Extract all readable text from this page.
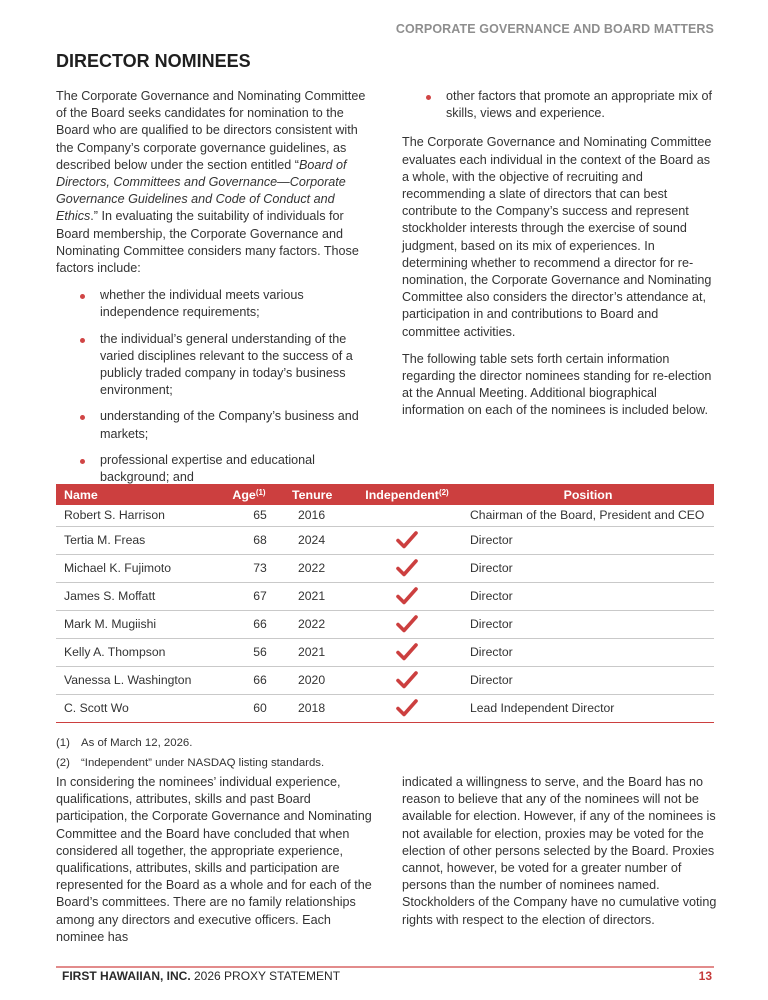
CORPORATE GOVERNANCE AND BOARD MATTERS
DIRECTOR NOMINEES

The Corporate Governance and Nominating Committee of the Board seeks candidates for nomination to the Board who are qualified to be directors consistent with the Company’s corporate governance guidelines, as described below under the section entitled “Board of Directors, Committees and Governance—Corporate Governance Guidelines and Code of Conduct and Ethics.” In evaluating the suitability of individuals for Board membership, the Corporate Governance and Nominating Committee considers many factors. Those factors include:

whether the individual meets various independence requirements;
the individual’s general understanding of the varied disciplines relevant to the success of a publicly traded company in today’s business environment;
understanding of the Company’s business and markets;
professional expertise and educational background; and
other factors that promote an appropriate mix of skills, views and experience.

The Corporate Governance and Nominating Committee evaluates each individual in the context of the Board as a whole, with the objective of recruiting and recommending a slate of directors that can best contribute to the Company’s success and represent stockholder interests through the exercise of sound judgment, based on its mix of experiences. In determining whether to recommend a director for re-nomination, the Corporate Governance and Nominating Committee also considers the director’s attendance at, participation in and contributions to Board and committee activities.

The following table sets forth certain information regarding the director nominees standing for re-election at the Annual Meeting. Additional biographical information on each of the nominees is included below.

Name	Age$^{(1)}$	Tenure	Independent$^{(2)}$	Position
Robert S. Harrison	65	2016		Chairman of the Board, President and CEO
Tertia M. Freas	68	2024		Director
Michael K. Fujimoto	73	2022		Director
James S. Moffatt	67	2021		Director
Mark M. Mugiishi	66	2022		Director
Kelly A. Thompson	56	2021		Director
Vanessa L. Washington	66	2020		Director
C. Scott Wo	60	2018		Lead Independent Director
(1) As of March 12, 2026.
(2) “Independent” under NASDAQ listing standards.

In considering the nominees’ individual experience, qualifications, attributes, skills and past Board participation, the Corporate Governance and Nominating Committee and the Board have concluded that when considered all together, the appropriate experience, qualifications, attributes, skills and participation are represented for the Board as a whole and for each of the Board’s committees. There are no family relationships among any directors and executive officers. Each nominee has

indicated a willingness to serve, and the Board has no reason to believe that any of the nominees will not be available for election. However, if any of the nominees is not available for election, proxies may be voted for the election of other persons selected by the Board. Proxies cannot, however, be voted for a greater number of persons than the number of nominees named. Stockholders of the Company have no cumulative voting rights with respect to the election of directors.

FIRST HAWAIIAN, INC. 2026 PROXY STATEMENT	13
